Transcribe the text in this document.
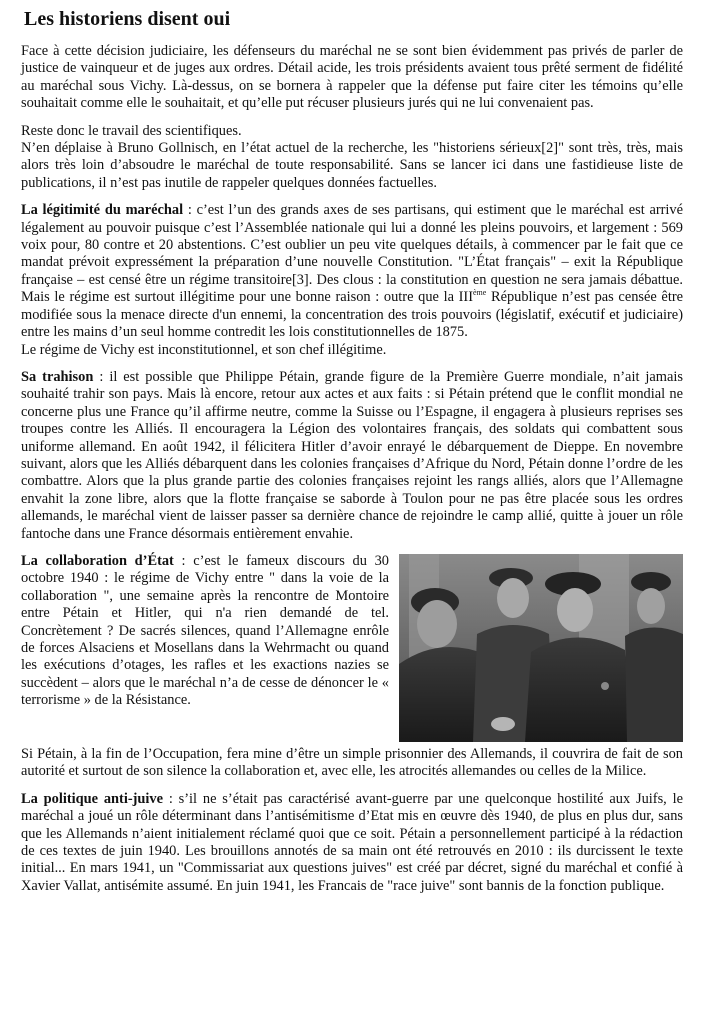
Les historiens disent oui

Face à cette décision judiciaire, les défenseurs du maréchal ne se sont bien évidemment pas privés de parler de justice de vainqueur et de juges aux ordres. Détail acide, les trois présidents avaient tous prêté serment de fidélité au maréchal sous Vichy. Là-dessus, on se bornera à rappeler que la défense put faire citer les témoins qu’elle souhaitait comme elle le souhaitait, et qu’elle put récuser plusieurs jurés qui ne lui convenaient pas.

Reste donc le travail des scientifiques.
N’en déplaise à Bruno Gollnisch, en l’état actuel de la recherche, les "historiens sérieux[2]" sont très, très, mais alors très loin d’absoudre le maréchal de toute responsabilité. Sans se lancer ici dans une fastidieuse liste de publications, il n’est pas inutile de rappeler quelques données factuelles.

La légitimité du maréchal : c’est l’un des grands axes de ses partisans, qui estiment que le maréchal est arrivé légalement au pouvoir puisque c’est l’Assemblée nationale qui lui a donné les pleins pouvoirs, et largement : 569 voix pour, 80 contre et 20 abstentions. C’est oublier un peu vite quelques détails, à commencer par le fait que ce mandat prévoit expressément la préparation d’une nouvelle Constitution. "L’État français" – exit la République française – est censé être un régime transitoire[3]. Des clous : la constitution en question ne sera jamais débattue. Mais le régime est surtout illégitime pour une bonne raison : outre que la IIIème République n’est pas censée être modifiée sous la menace directe d'un ennemi, la concentration des trois pouvoirs (législatif, exécutif et judiciaire) entre les mains d’un seul homme contredit les lois constitutionnelles de 1875.
Le régime de Vichy est inconstitutionnel, et son chef illégitime.

Sa trahison : il est possible que Philippe Pétain, grande figure de la Première Guerre mondiale, n’ait jamais souhaité trahir son pays. Mais là encore, retour aux actes et aux faits : si Pétain prétend que le conflit mondial ne concerne plus une France qu’il affirme neutre, comme la Suisse ou l’Espagne, il engagera à plusieurs reprises ses troupes contre les Alliés. Il encouragera la Légion des volontaires français, des soldats qui combattent sous uniforme allemand. En août 1942, il félicitera Hitler d’avoir enrayé le débarquement de Dieppe. En novembre suivant, alors que les Alliés débarquent dans les colonies françaises d’Afrique du Nord, Pétain donne l’ordre de les combattre. Alors que la plus grande partie des colonies françaises rejoint les rangs alliés, alors que l’Allemagne envahit la zone libre, alors que la flotte française se saborde à Toulon pour ne pas être placée sous les ordres allemands, le maréchal vient de laisser passer sa dernière chance de rejoindre le camp allié, quitte à jouer un rôle fantoche dans une France désormais entièrement envahie.

La collaboration d’État : c’est le fameux discours du 30 octobre 1940 : le régime de Vichy entre " dans la voie de la collaboration ", une semaine après la rencontre de Montoire entre Pétain et Hitler, qui n'a rien demandé de tel. Concrètement ? De sacrés silences, quand l’Allemagne enrôle de forces Alsaciens et Mosellans dans la Wehrmacht ou quand les exécutions d’otages, les rafles et les exactions nazies se succèdent – alors que le maréchal n’a de cesse de dénoncer le « terrorisme » de la Résistance.

Si Pétain, à la fin de l’Occupation, fera mine d’être un simple prisonnier des Allemands, il couvrira de fait de son autorité et surtout de son silence la collaboration et, avec elle, les atrocités allemandes ou celles de la Milice.

La politique anti-juive : s’il ne s’était pas caractérisé avant-guerre par une quelconque hostilité aux Juifs, le maréchal a joué un rôle déterminant dans l’antisémitisme d’Etat mis en œuvre dès 1940, de plus en plus dur, sans que les Allemands n’aient initialement réclamé quoi que ce soit. Pétain a personnellement participé à la rédaction de ces textes de juin 1940. Les brouillons annotés de sa main ont été retrouvés en 2010 : ils durcissent le texte initial... En mars 1941, un "Commissariat aux questions juives" est créé par décret, signé du maréchal et confié à Xavier Vallat, antisémite assumé. En juin 1941, les Francais de "race juive" sont bannis de la fonction publique.
